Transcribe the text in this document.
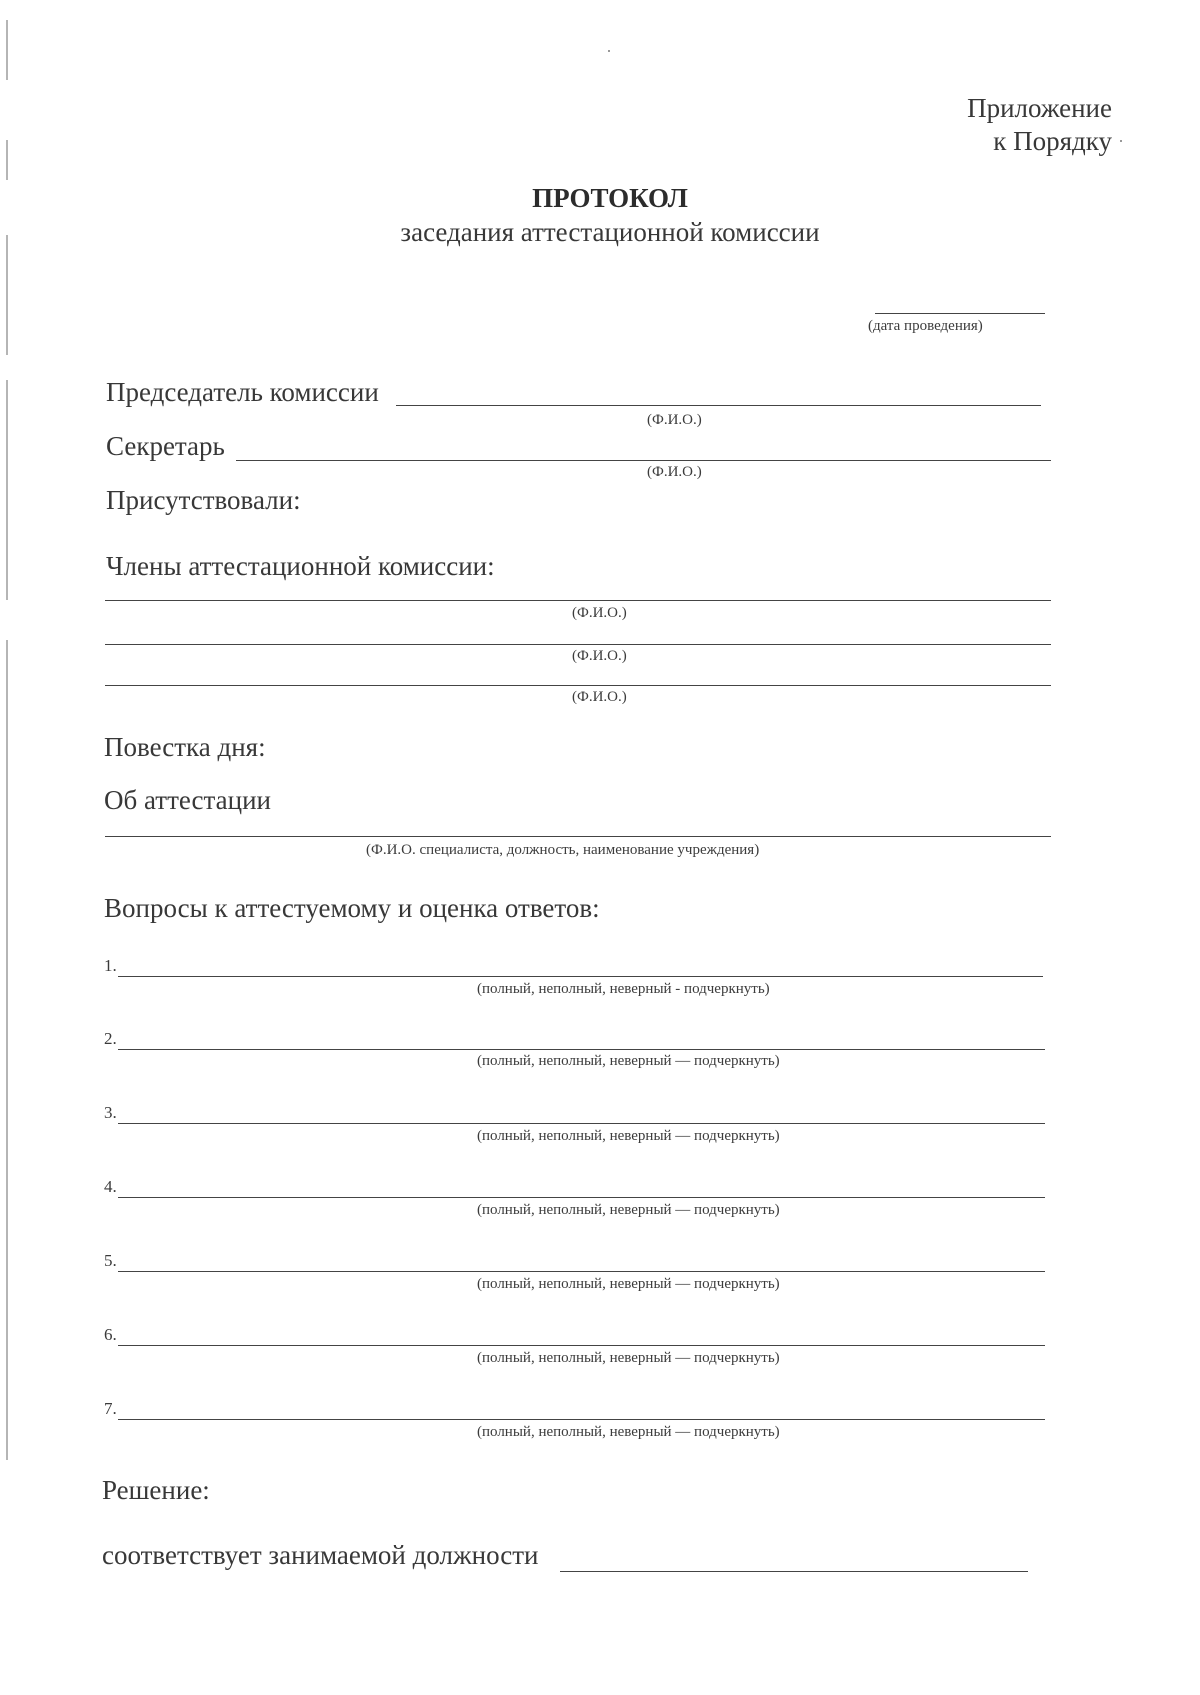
Приложение
к Порядку
ПРОТОКОЛ
заседания аттестационной комиссии
(дата проведения)
Председатель комиссии
(Ф.И.О.)
Секретарь
(Ф.И.О.)
Присутствовали:
Члены аттестационной комиссии:
(Ф.И.О.)
(Ф.И.О.)
(Ф.И.О.)
Повестка дня:
Об аттестации
(Ф.И.О. специалиста, должность, наименование учреждения)
Вопросы к аттестуемому и оценка ответов:
1.
(полный, неполный, неверный - подчеркнуть)
2.
(полный, неполный, неверный — подчеркнуть)
3.
(полный, неполный, неверный — подчеркнуть)
4.
(полный, неполный, неверный — подчеркнуть)
5.
(полный, неполный, неверный — подчеркнуть)
6.
(полный, неполный, неверный — подчеркнуть)
7.
(полный, неполный, неверный — подчеркнуть)
Решение:
соответствует занимаемой должности
